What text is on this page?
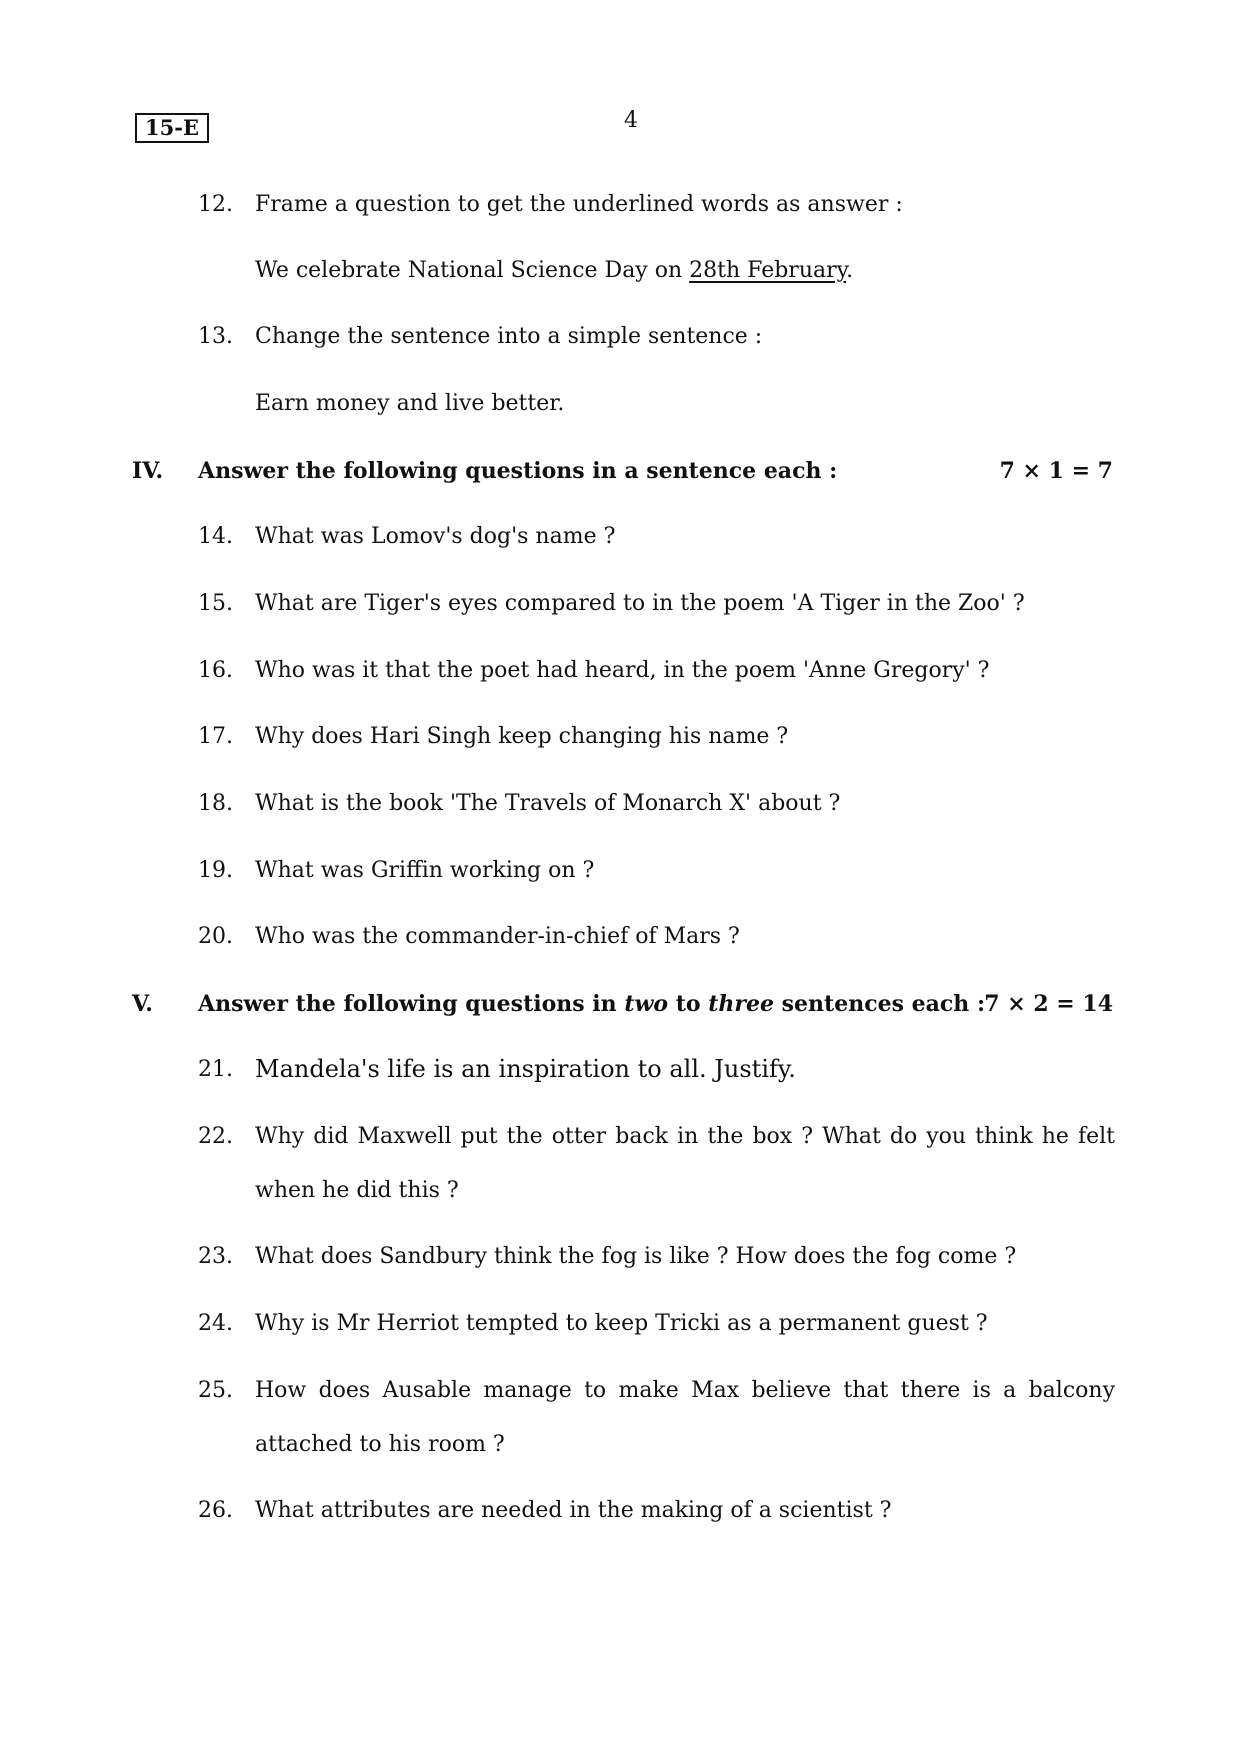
15-E	4
12. Frame a question to get the underlined words as answer :
We celebrate National Science Day on 28th February.
13. Change the sentence into a simple sentence :
Earn money and live better.
IV. Answer the following questions in a sentence each :	7 × 1 = 7
14. What was Lomov's dog's name ?
15. What are Tiger's eyes compared to in the poem 'A Tiger in the Zoo' ?
16. Who was it that the poet had heard, in the poem 'Anne Gregory' ?
17. Why does Hari Singh keep changing his name ?
18. What is the book 'The Travels of Monarch X' about ?
19. What was Griffin working on ?
20. Who was the commander-in-chief of Mars ?
V. Answer the following questions in two to three sentences each : 7 × 2 = 14
21. Mandela's life is an inspiration to all. Justify.
22. Why did Maxwell put the otter back in the box ? What do you think he felt
when he did this ?
23. What does Sandbury think the fog is like ? How does the fog come ?
24. Why is Mr Herriot tempted to keep Tricki as a permanent guest ?
25. How does Ausable manage to make Max believe that there is a balcony
attached to his room ?
26. What attributes are needed in the making of a scientist ?
